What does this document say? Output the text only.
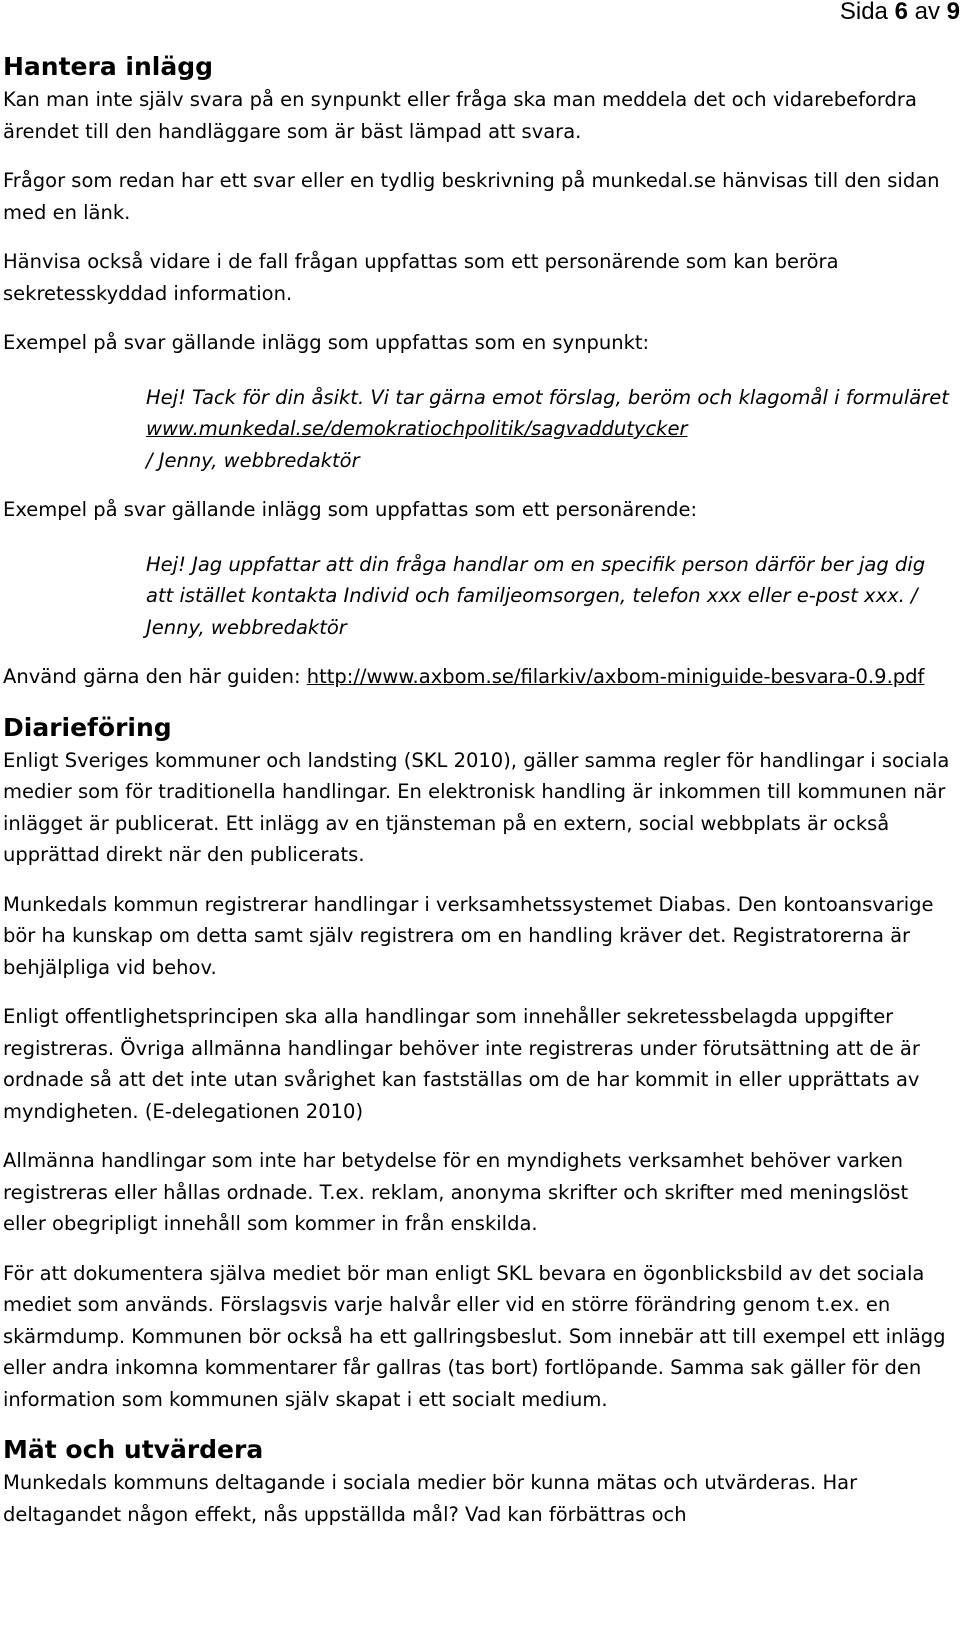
Sida 6 av 9
Hantera inlägg

Kan man inte själv svara på en synpunkt eller fråga ska man meddela det och vidarebefordra ärendet till den handläggare som är bäst lämpad att svara.

Frågor som redan har ett svar eller en tydlig beskrivning på munkedal.se hänvisas till den sidan med en länk.

Hänvisa också vidare i de fall frågan uppfattas som ett personärende som kan beröra sekretesskyddad information.

Exempel på svar gällande inlägg som uppfattas som en synpunkt:

Hej! Tack för din åsikt. Vi tar gärna emot förslag, beröm och klagomål i formuläret www.munkedal.se/demokratiochpolitik/sagvaddutycker
/ Jenny, webbredaktör

Exempel på svar gällande inlägg som uppfattas som ett personärende:

Hej! Jag uppfattar att din fråga handlar om en specifik person därför ber jag dig att istället kontakta Individ och familjeomsorgen, telefon xxx eller e-post xxx. / Jenny, webbredaktör

Använd gärna den här guiden: http://www.axbom.se/filarkiv/axbom-miniguide-besvara-0.9.pdf

Diarieföring

Enligt Sveriges kommuner och landsting (SKL 2010), gäller samma regler för handlingar i sociala medier som för traditionella handlingar. En elektronisk handling är inkommen till kommunen när inlägget är publicerat. Ett inlägg av en tjänsteman på en extern, social webbplats är också upprättad direkt när den publicerats.

Munkedals kommun registrerar handlingar i verksamhetssystemet Diabas. Den kontoansvarige bör ha kunskap om detta samt själv registrera om en handling kräver det. Registratorerna är behjälpliga vid behov.

Enligt offentlighetsprincipen ska alla handlingar som innehåller sekretessbelagda uppgifter registreras. Övriga allmänna handlingar behöver inte registreras under förutsättning att de är ordnade så att det inte utan svårighet kan fastställas om de har kommit in eller upprättats av myndigheten. (E-delegationen 2010)

Allmänna handlingar som inte har betydelse för en myndighets verksamhet behöver varken registreras eller hållas ordnade. T.ex. reklam, anonyma skrifter och skrifter med meningslöst eller obegripligt innehåll som kommer in från enskilda.

För att dokumentera själva mediet bör man enligt SKL bevara en ögonblicksbild av det sociala mediet som används. Förslagsvis varje halvår eller vid en större förändring genom t.ex. en skärmdump. Kommunen bör också ha ett gallringsbeslut. Som innebär att till exempel ett inlägg eller andra inkomna kommentarer får gallras (tas bort) fortlöpande. Samma sak gäller för den information som kommunen själv skapat i ett socialt medium.

Mät och utvärdera

Munkedals kommuns deltagande i sociala medier bör kunna mätas och utvärderas. Har deltagandet någon effekt, nås uppställda mål? Vad kan förbättras och
